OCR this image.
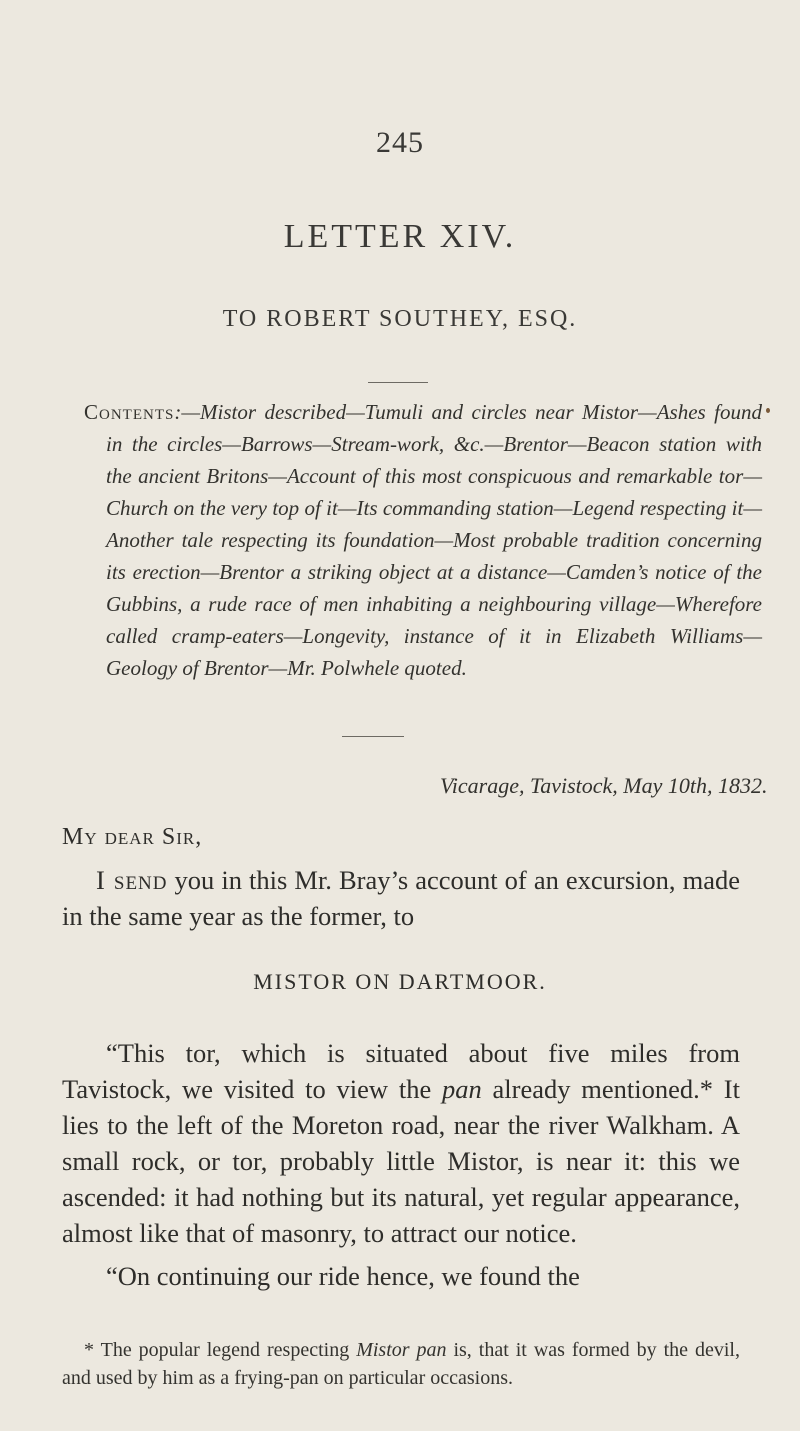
245
LETTER XIV.
TO ROBERT SOUTHEY, ESQ.
Contents:—Mistor described—Tumuli and circles near Mistor—Ashes found in the circles—Barrows—Stream-work, &c.—Brentor—Beacon station with the ancient Britons—Account of this most conspicuous and remarkable tor—Church on the very top of it—Its commanding station—Legend respecting it—Another tale respecting its foundation—Most probable tradition concerning its erection—Brentor a striking object at a distance—Camden’s notice of the Gubbins, a rude race of men inhabiting a neighbouring village—Wherefore called cramp-eaters—Longevity, instance of it in Elizabeth Williams—Geology of Brentor—Mr. Polwhele quoted.
Vicarage, Tavistock, May 10th, 1832.
My dear Sir,
I send you in this Mr. Bray’s account of an excursion, made in the same year as the former, to
MISTOR ON DARTMOOR.
“This tor, which is situated about five miles from Tavistock, we visited to view the pan already mentioned.* It lies to the left of the Moreton road, near the river Walkham. A small rock, or tor, probably little Mistor, is near it: this we ascended: it had nothing but its natural, yet regular appearance, almost like that of masonry, to attract our notice.
“On continuing our ride hence, we found the
* The popular legend respecting Mistor pan is, that it was formed by the devil, and used by him as a frying-pan on particular occasions.
